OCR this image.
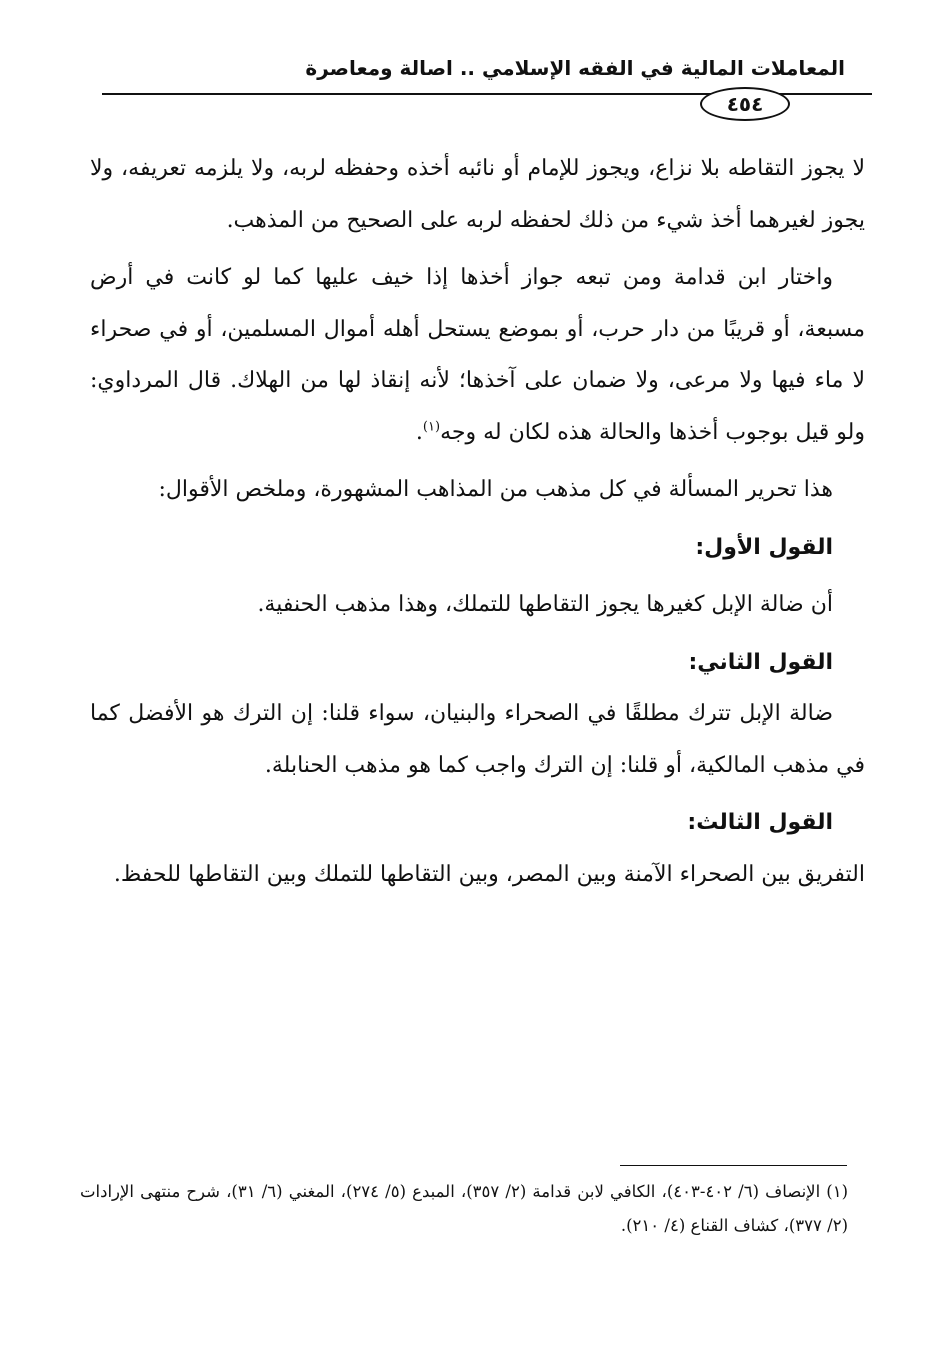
المعاملات المالية في الفقه الإسلامي .. اصالة ومعاصرة
٤٥٤

لا يجوز التقاطه بلا نزاع، ويجوز للإمام أو نائبه أخذه وحفظه لربه، ولا يلزمه تعريفه، ولا يجوز لغيرهما أخذ شيء من ذلك لحفظه لربه على الصحيح من المذهب.

واختار ابن قدامة ومن تبعه جواز أخذها إذا خيف عليها كما لو كانت في أرض مسبعة، أو قريبًا من دار حرب، أو بموضع يستحل أهله أموال المسلمين، أو في صحراء لا ماء فيها ولا مرعى، ولا ضمان على آخذها؛ لأنه إنقاذ لها من الهلاك. قال المرداوي: ولو قيل بوجوب أخذها والحالة هذه لكان له وجه$^{(١)}$.

هذا تحرير المسألة في كل مذهب من المذاهب المشهورة، وملخص الأقوال:

القول الأول:

أن ضالة الإبل كغيرها يجوز التقاطها للتملك، وهذا مذهب الحنفية.

القول الثاني:

ضالة الإبل تترك مطلقًا في الصحراء والبنيان، سواء قلنا: إن الترك هو الأفضل كما في مذهب المالكية، أو قلنا: إن الترك واجب كما هو مذهب الحنابلة.

القول الثالث:

التفريق بين الصحراء الآمنة وبين المصر، وبين التقاطها للتملك وبين التقاطها للحفظ.

(١) الإنصاف (٦/ ٤٠٢-٤٠٣)، الكافي لابن قدامة (٢/ ٣٥٧)، المبدع (٥/ ٢٧٤)، المغني (٦/ ٣١)، شرح منتهى الإرادات (٢/ ٣٧٧)، كشاف القناع (٤/ ٢١٠).
